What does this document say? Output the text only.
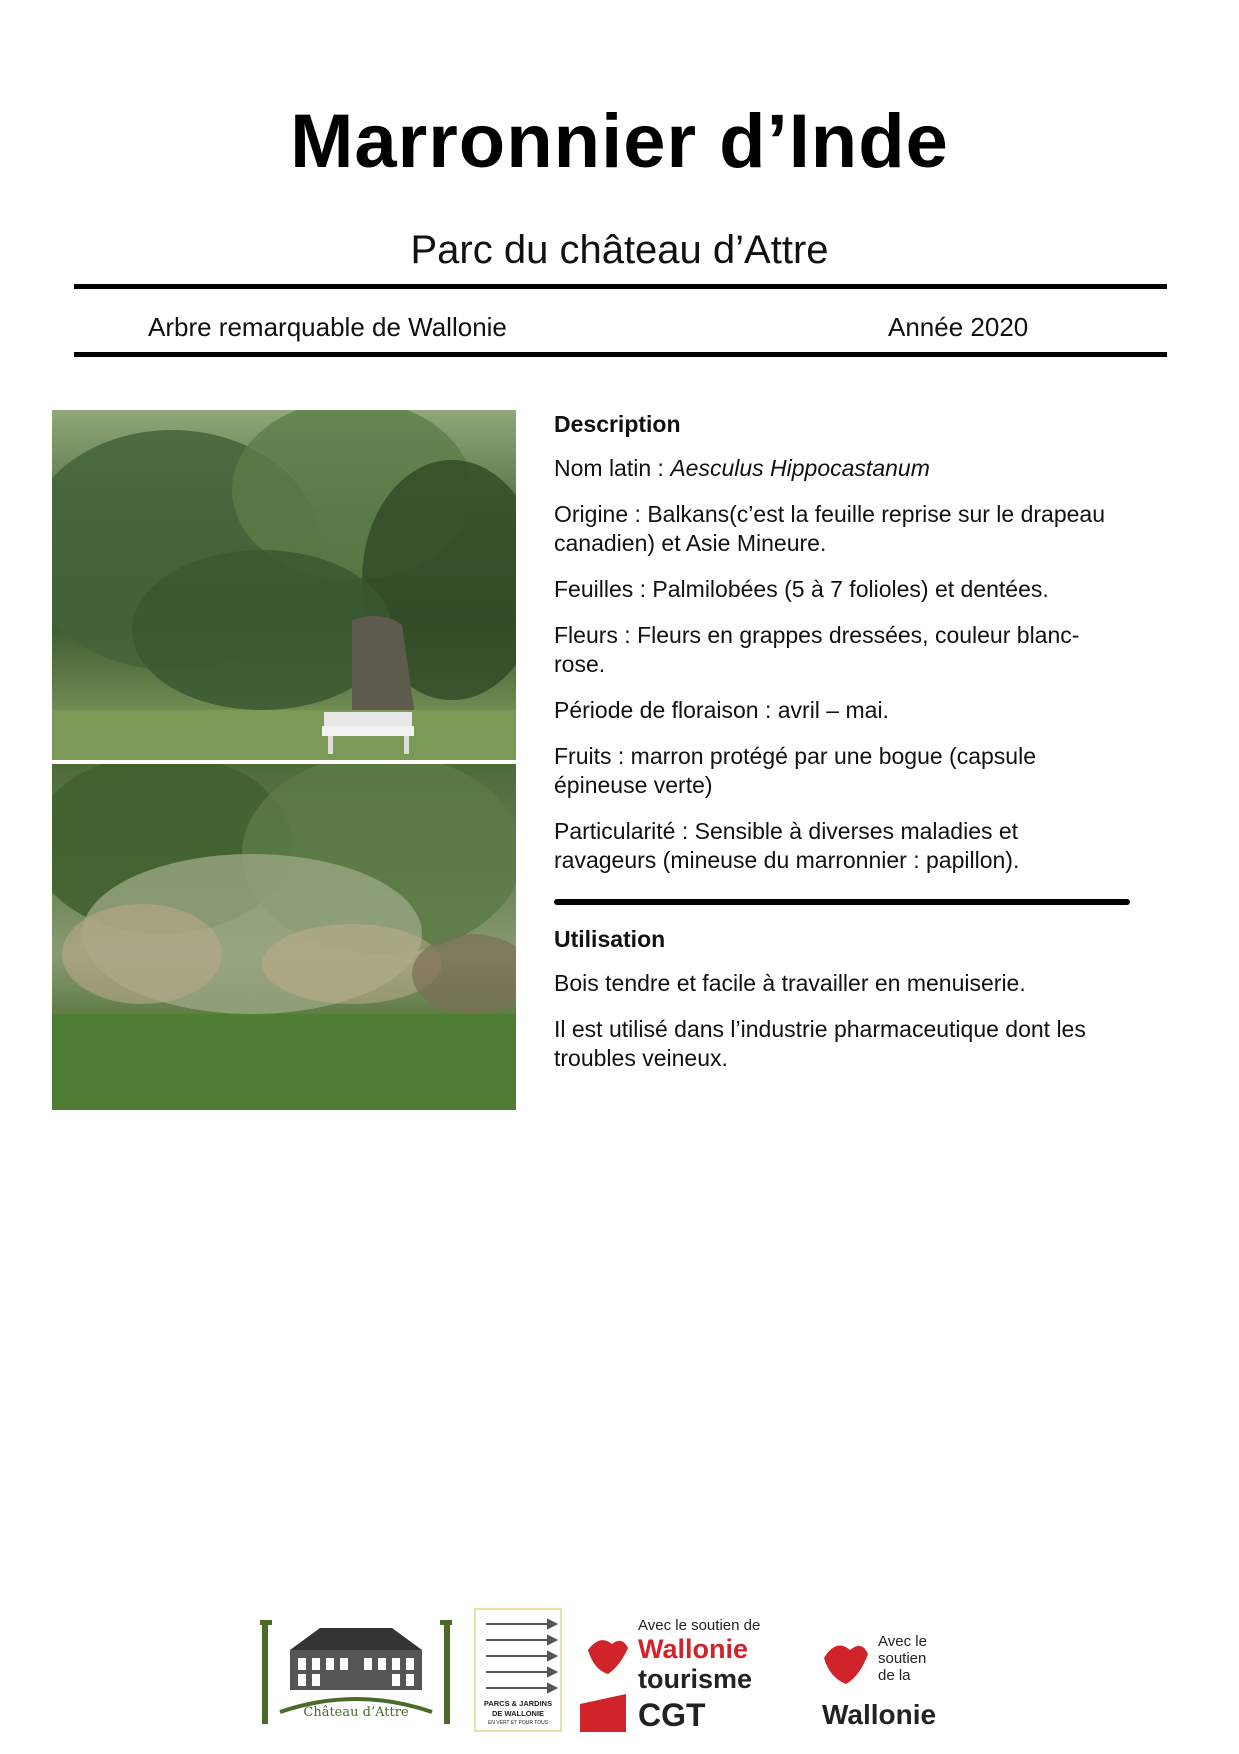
Marronnier d’Inde
Parc du château d’Attre
Arbre remarquable de Wallonie	Année 2020
Description
Nom latin : Aesculus Hippocastanum
Origine : Balkans(c’est la feuille reprise sur le drapeau canadien) et Asie Mineure.
Feuilles : Palmilobées (5 à 7 folioles) et dentées.
Fleurs : Fleurs en grappes dressées, couleur blanc-rose.
Période de floraison : avril – mai.
Fruits : marron protégé par une bogue (capsule épineuse verte)
Particularité : Sensible à diverses maladies et ravageurs (mineuse du marronnier : papillon).
Utilisation
Bois tendre et facile à travailler en menuiserie.
Il est utilisé dans l’industrie pharmaceutique dont les troubles veineux.
Château d’Attre
PARCS & JARDINS
DE WALLONIE
EN VERT ET POUR TOUS
Avec le soutien de
Wallonie
tourisme
CGT
Avec le
soutien
de la
Wallonie
